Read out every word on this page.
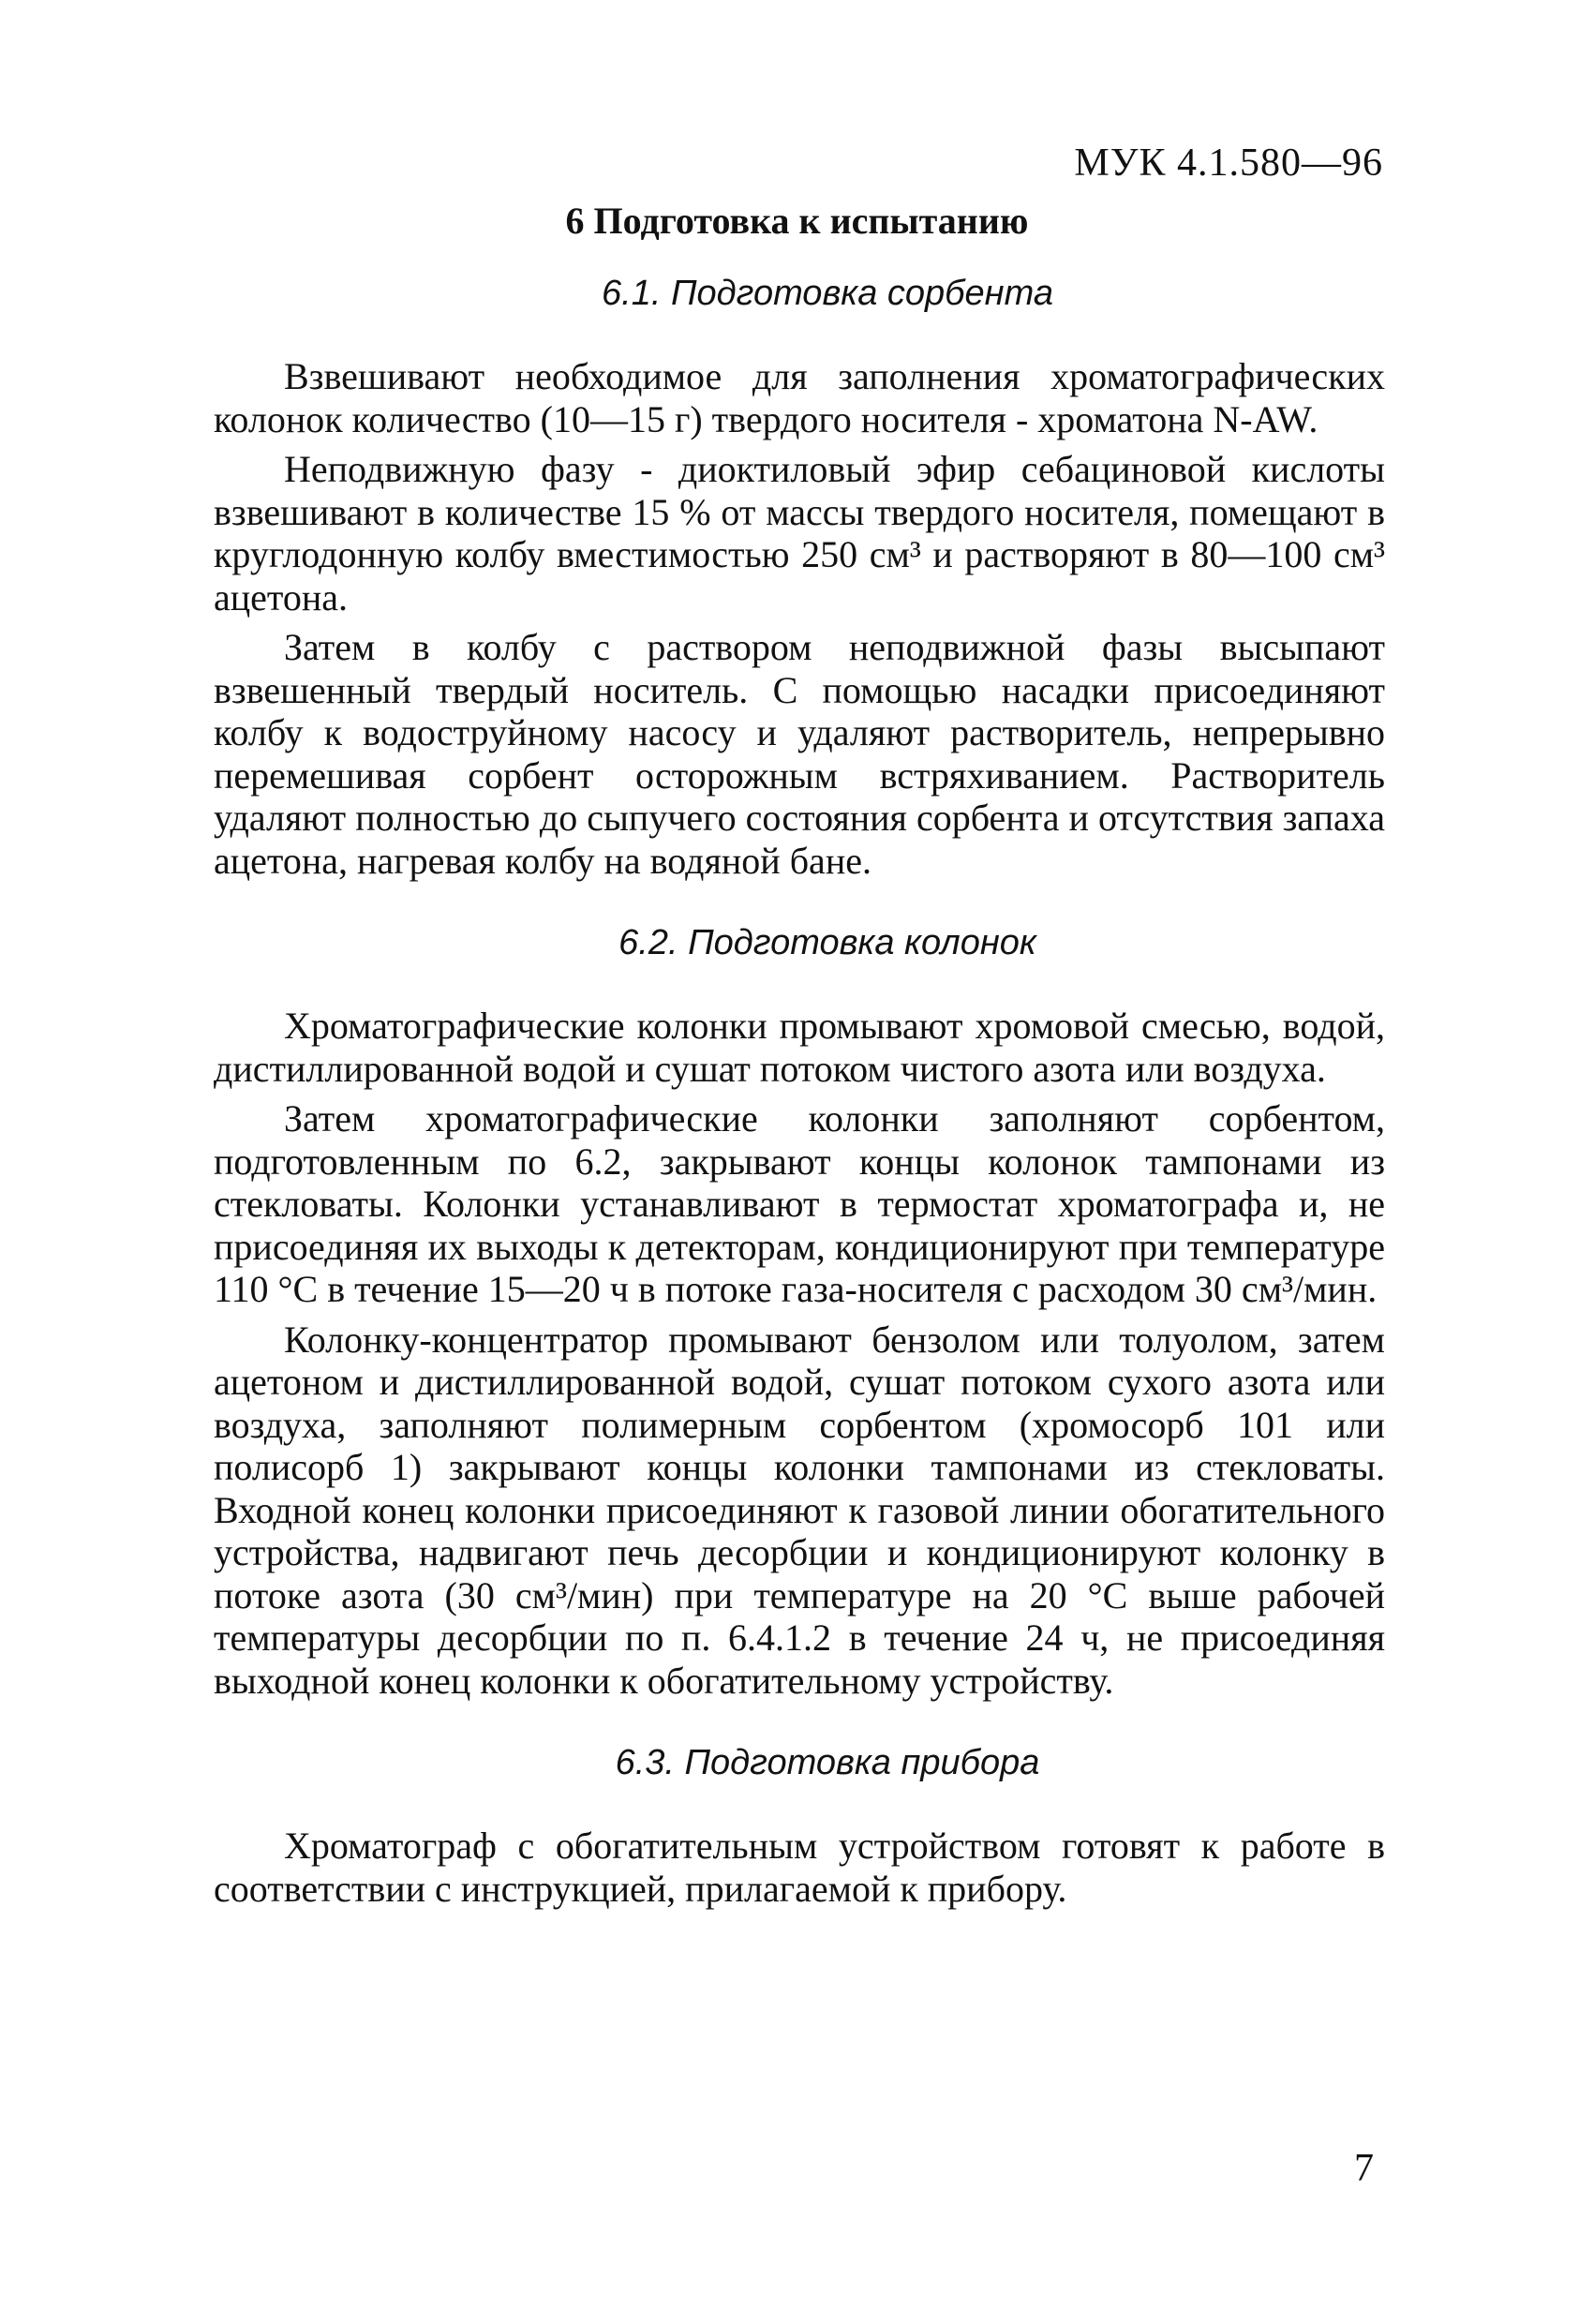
МУК 4.1.580—96
6 Подготовка к испытанию
6.1. Подготовка сорбента

Взвешивают необходимое для заполнения хроматографических колонок количество (10—15 г) твердого носителя - хроматона N-AW.

Неподвижную фазу - диоктиловый эфир себациновой кислоты взвешивают в количестве 15 % от массы твердого носителя, помещают в круглодонную колбу вместимостью 250 см³ и растворяют в 80—100 см³ ацетона.

Затем в колбу с раствором неподвижной фазы высыпают взвешенный твердый носитель. С помощью насадки присоединяют колбу к водоструйному насосу и удаляют растворитель, непрерывно перемешивая сорбент осторожным встряхиванием. Растворитель удаляют полностью до сыпучего состояния сорбента и отсутствия запаха ацетона, нагревая колбу на водяной бане.

6.2. Подготовка колонок

Хроматографические колонки промывают хромовой смесью, водой, дистиллированной водой и сушат потоком чистого азота или воздуха.

Затем хроматографические колонки заполняют сорбентом, подготовленным по 6.2, закрывают концы колонок тампонами из стекловаты. Колонки устанавливают в термостат хроматографа и, не присоединяя их выходы к детекторам, кондиционируют при температуре 110 °С в течение 15—20 ч в потоке газа-носителя с расходом 30 см³/мин.

Колонку-концентратор промывают бензолом или толуолом, затем ацетоном и дистиллированной водой, сушат потоком сухого азота или воздуха, заполняют полимерным сорбентом (хромосорб 101 или полисорб 1) закрывают концы колонки тампонами из стекловаты. Входной конец колонки присоединяют к газовой линии обогатительного устройства, надвигают печь десорбции и кондиционируют колонку в потоке азота (30 см³/мин) при температуре на 20 °С выше рабочей температуры десорбции по п. 6.4.1.2 в течение 24 ч, не присоединяя выходной конец колонки к обогатительному устройству.

6.3. Подготовка прибора

Хроматограф с обогатительным устройством готовят к работе в соответствии с инструкцией, прилагаемой к прибору.

7
